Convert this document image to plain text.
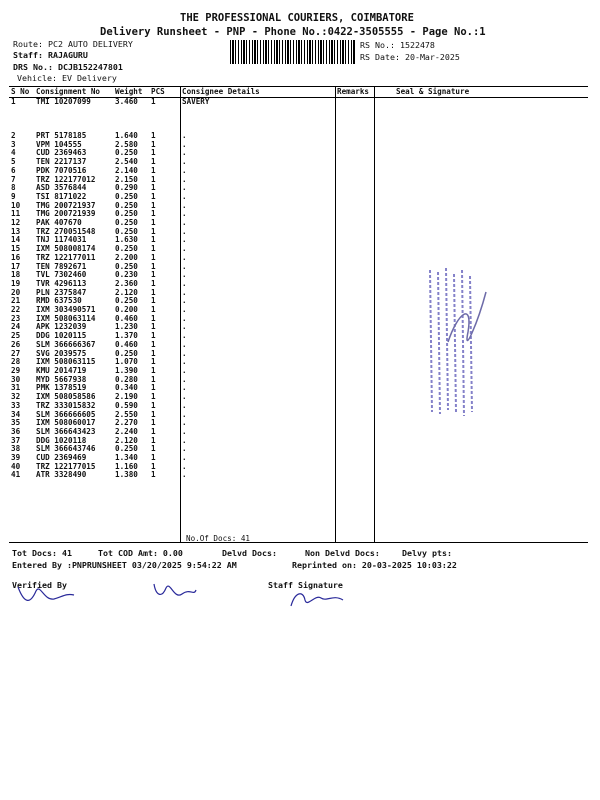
THE PROFESSIONAL COURIERS, COIMBATORE
Delivery Runsheet - PNP - Phone No.:0422-3505555 - Page No.:1
Route: PC2 AUTO DELIVERY
Staff: RAJAGURU
DRS No.: DCJB152247801
Vehicle: EV Delivery
RS No.: 1522478
RS Date: 20-Mar-2025
S No	Consignment No	Weight	PCS	Consignee Details	Remarks	Seal & Signature
1	TMI 10207099	3.460	1	SAVERY		
2	PRT 5178185	1.640	1	.		
3	VPM 104555	2.580	1	.		
4	CUD 2369463	0.250	1	.		
5	TEN 2217137	2.540	1	.		
6	PDK 7070516	2.140	1	.		
7	TRZ 122177012	2.150	1	.		
8	ASD 3576844	0.290	1	.		
9	TSI 8171022	0.250	1	.		
10	TMG 200721937	0.250	1	.		
11	TMG 200721939	0.250	1	.		
12	PAK 407670	0.250	1	.		
13	TRZ 270051548	0.250	1	.		
14	TNJ 1174031	1.630	1	.		
15	IXM 508008174	0.250	1	.		
16	TRZ 122177011	2.200	1	.		
17	TEN 7892671	0.250	1	.		
18	TVL 7302460	0.230	1	.		
19	TVR 4296113	2.360	1	.		
20	PLN 2375847	2.120	1	.		
21	RMD 637530	0.250	1	.		
22	IXM 303490571	0.200	1	.		
23	IXM 508063114	0.460	1	.		
24	APK 1232039	1.230	1	.		
25	DDG 1020115	1.370	1	.		
26	SLM 366666367	0.460	1	.		
27	SVG 2039575	0.250	1	.		
28	IXM 508063115	1.070	1	.		
29	KMU 2014719	1.390	1	.		
30	MYD 5667938	0.280	1	.		
31	PMK 1378519	0.340	1	.		
32	IXM 508058586	2.190	1	.		
33	TRZ 333015832	0.590	1	.		
34	SLM 366666605	2.550	1	.		
35	IXM 508060017	2.270	1	.		
36	SLM 366643423	2.240	1	.		
37	DDG 1020118	2.120	1	.		
38	SLM 366643746	0.250	1	.		
39	CUD 2369469	1.340	1	.		
40	TRZ 122177015	1.160	1	.		
41	ATR 3328490	1.380	1	.		
No.Of Docs: 41
Tot Docs: 41	Tot COD Amt: 0.00	Delvd Docs:	Non Delvd Docs:	Delvy pts:
Entered By :PNPRUNSHEET 03/20/2025 9:54:22 AM	Reprinted on: 20-03-2025 10:03:22
Verified By	Staff Signature
